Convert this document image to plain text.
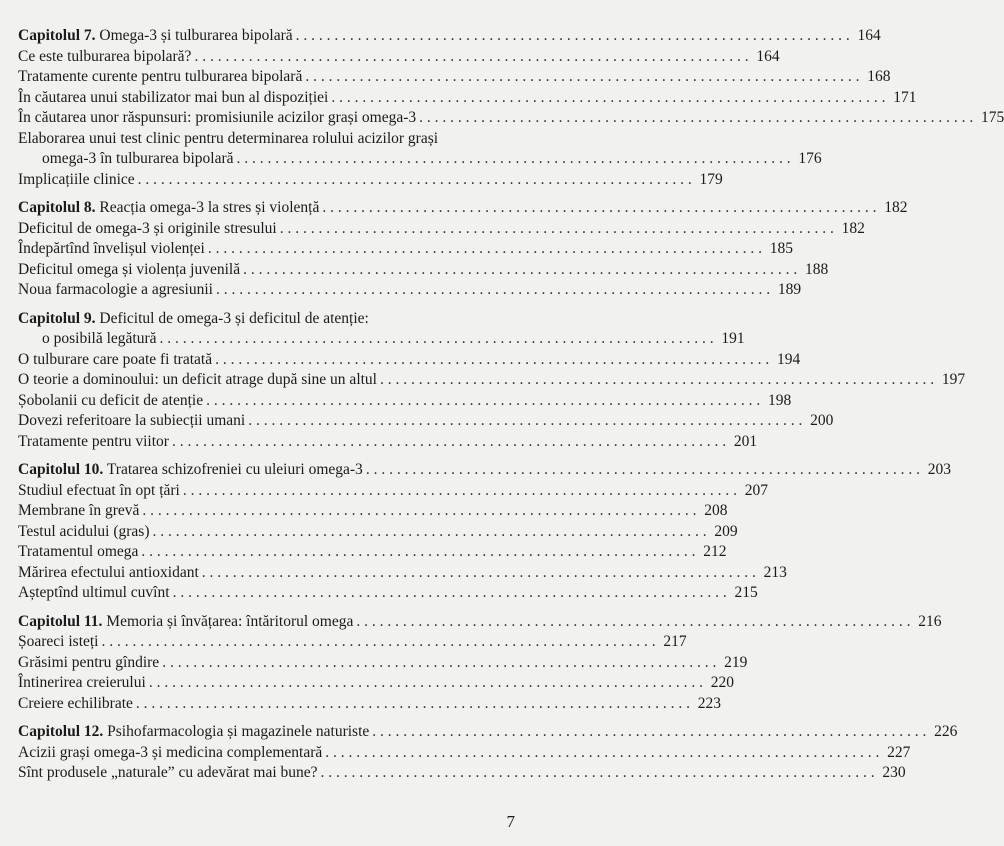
Capitolul 7. Omega-3 și tulburarea bipolară . . .	164
Ce este tulburarea bipolară? . . .	164
Tratamente curente pentru tulburarea bipolară . . .	168
În căutarea unui stabilizator mai bun al dispoziției . . .	171
În căutarea unor răspunsuri: promisiunile acizilor grași omega-3 . . .	175
Elaborarea unui test clinic pentru determinarea rolului acizilor grași
omega-3 în tulburarea bipolară . . .	176
Implicațiile clinice . . .	179
Capitolul 8. Reacția omega-3 la stres și violență . . .	182
Deficitul de omega-3 și originile stresului . . .	182
Îndepărtînd învelișul violenței . . .	185
Deficitul omega și violența juvenilă . . .	188
Noua farmacologie a agresiunii . . .	189
Capitolul 9. Deficitul de omega-3 și deficitul de atenție:
o posibilă legătură . . .	191
O tulburare care poate fi tratată . . .	194
O teorie a dominoului: un deficit atrage după sine un altul . . .	197
Șobolanii cu deficit de atenție . . .	198
Dovezi referitoare la subiecții umani . . .	200
Tratamente pentru viitor . . .	201
Capitolul 10. Tratarea schizofreniei cu uleiuri omega-3 . . .	203
Studiul efectuat în opt țări . . .	207
Membrane în grevă . . .	208
Testul acidului (gras) . . .	209
Tratamentul omega . . .	212
Mărirea efectului antioxidant . . .	213
Așteptînd ultimul cuvînt . . .	215
Capitolul 11. Memoria și învățarea: întăritorul omega . . .	216
Șoareci isteți . . .	217
Grăsimi pentru gîndire . . .	219
Întinerirea creierului . . .	220
Creiere echilibrate . . .	223
Capitolul 12. Psihofarmacologia și magazinele naturiste . . .	226
Acizii grași omega-3 și medicina complementară . . .	227
Sînt produsele „naturale” cu adevărat mai bune? . . .	230
7
